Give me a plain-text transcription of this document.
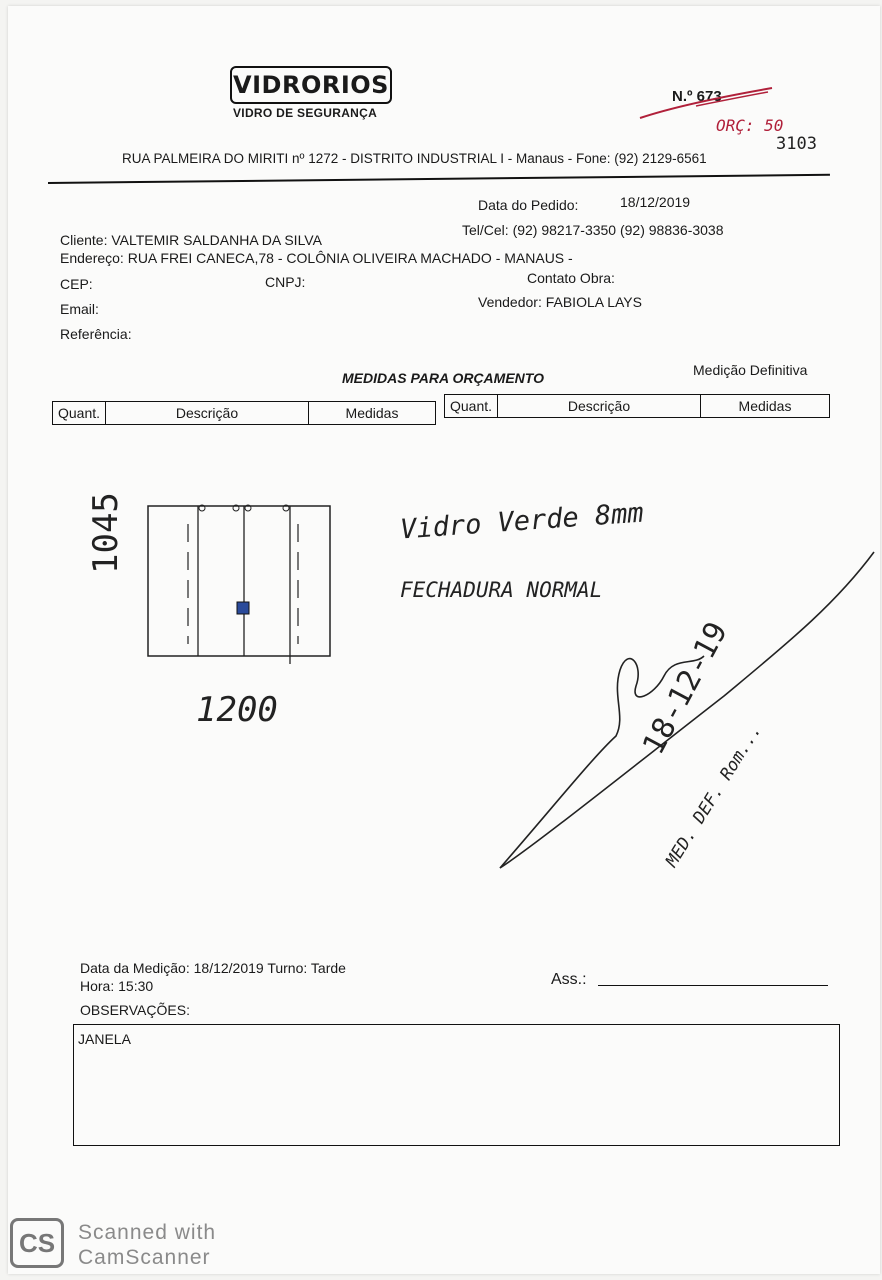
VIDRORIOS
VIDRO DE SEGURANÇA
N.º 673
ORÇ: 50
3103
RUA PALMEIRA DO MIRITI nº 1272 - DISTRITO INDUSTRIAL I - Manaus - Fone: (92) 2129-6561
Data do Pedido:	18/12/2019
Cliente: VALTEMIR SALDANHA DA SILVA
Tel/Cel: (92) 98217-3350 (92) 98836-3038
Endereço: RUA FREI CANECA,78 - COLÔNIA OLIVEIRA MACHADO - MANAUS -
CEP:	CNPJ:	Contato Obra:
Email:	Vendedor: FABIOLA LAYS
Referência:
MEDIDAS PARA ORÇAMENTO	Medição Definitiva
Quant.	Descrição	Medidas	Quant.	Descrição	Medidas
1045
1200
Vidro Verde 8mm
FECHADURA NORMAL
18-12-19
MED. DEF. Rom...
Data da Medição: 18/12/2019 Turno: Tarde
Hora: 15:30	Ass.:
OBSERVAÇÕES:
JANELA
CS Scanned with
CamScanner
